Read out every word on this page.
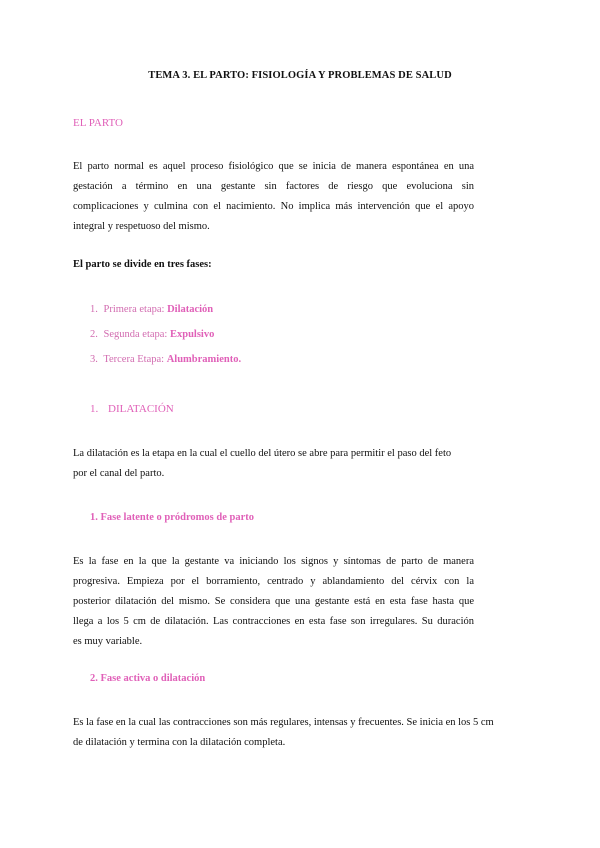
TEMA 3. EL PARTO: FISIOLOGÍA Y PROBLEMAS DE SALUD
EL PARTO
El parto normal es aquel proceso fisiológico que se inicia de manera espontánea en una
gestación a término en una gestante sin factores de riesgo que evoluciona sin
complicaciones y culmina con el nacimiento. No implica más intervención que el apoyo
integral y respetuoso del mismo.
El parto se divide en tres fases:
1. Primera etapa: Dilatación
2. Segunda etapa: Expulsivo
3. Tercera Etapa: Alumbramiento.
1. DILATACIÓN
La dilatación es la etapa en la cual el cuello del útero se abre para permitir el paso del feto
por el canal del parto.
1. Fase latente o pródromos de parto
Es la fase en la que la gestante va iniciando los signos y síntomas de parto de manera
progresiva. Empieza por el borramiento, centrado y ablandamiento del cérvix con la
posterior dilatación del mismo. Se considera que una gestante está en esta fase hasta que
llega a los 5 cm de dilatación. Las contracciones en esta fase son irregulares. Su duración
es muy variable.
2. Fase activa o dilatación
Es la fase en la cual las contracciones son más regulares, intensas y frecuentes. Se inicia en los 5 cm
de dilatación y termina con la dilatación completa.
